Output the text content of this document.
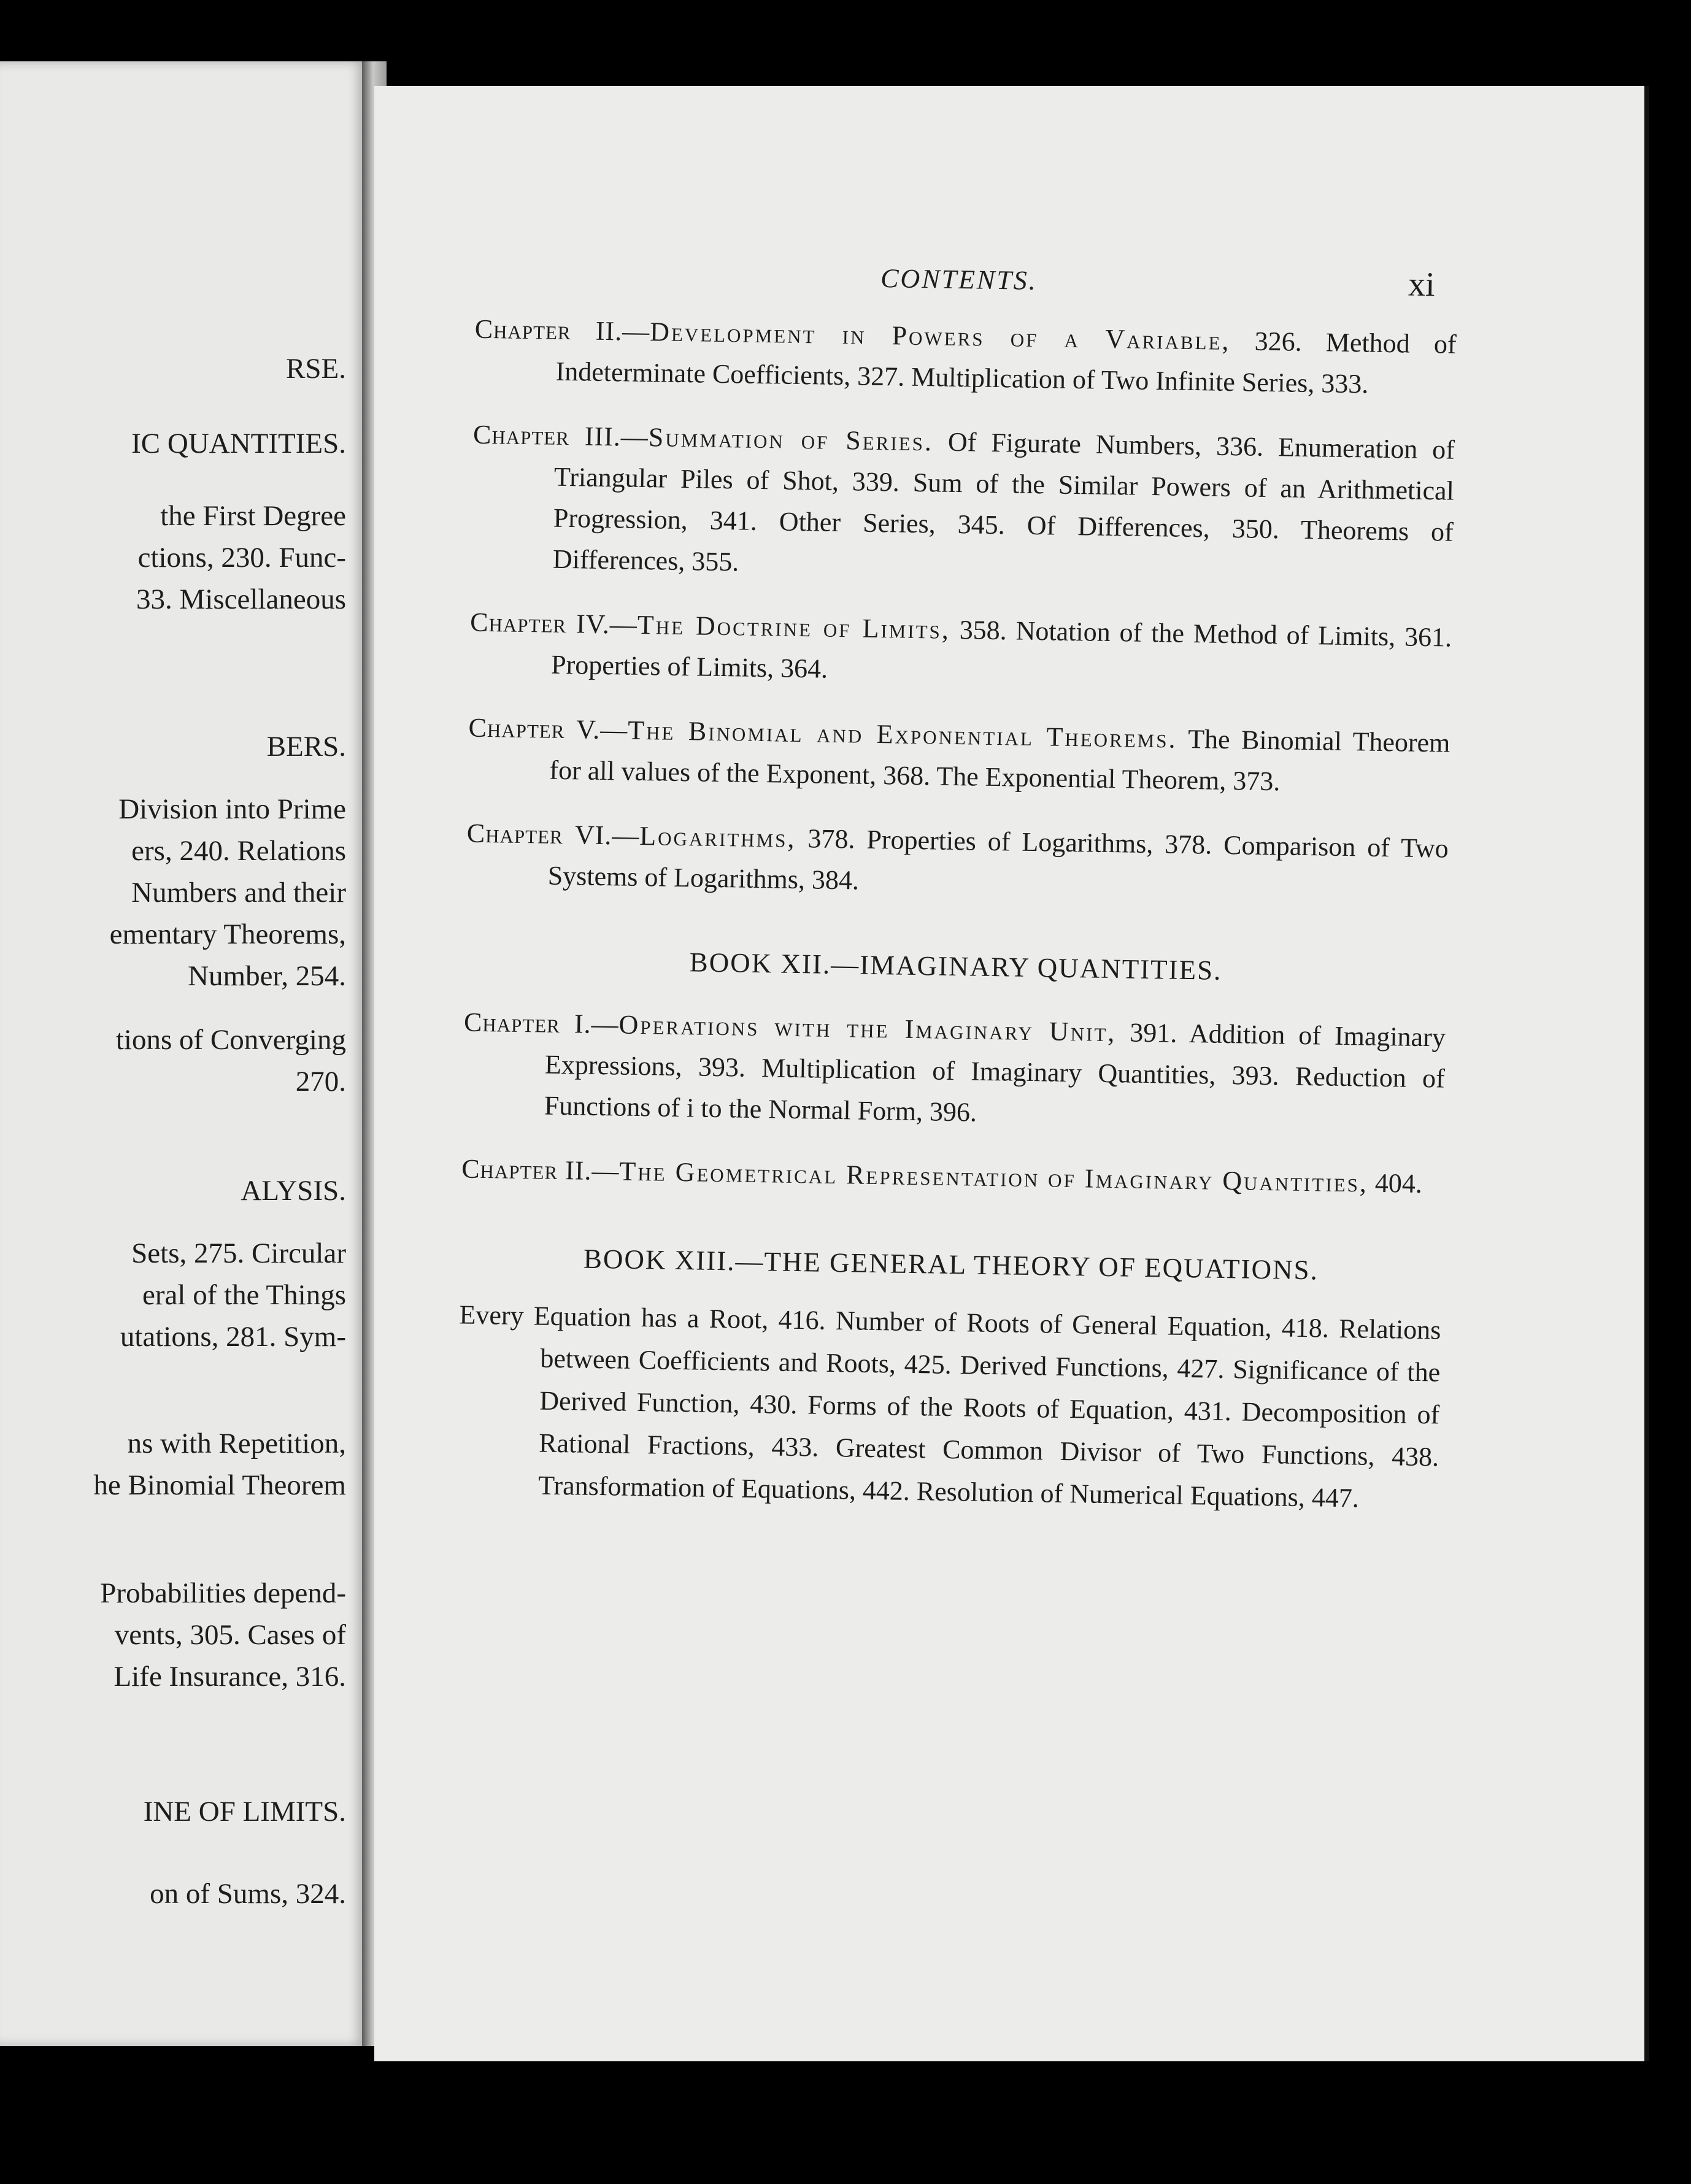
RSE.
IC QUANTITIES.
the First Degree
ctions, 230. Func-
33. Miscellaneous
BERS.
Division into Prime
ers, 240. Relations
Numbers and their
ementary Theorems,
Number, 254.
tions of Converging
270.
ALYSIS.
Sets, 275. Circular
eral of the Things
utations, 281. Sym-
ns with Repetition,
he Binomial Theorem
Probabilities depend-
vents, 305. Cases of
Life Insurance, 316.
INE OF LIMITS.
on of Sums, 324.
CONTENTS.	xi
Chapter II.—Development in Powers of a Variable, 326. Method of Indeterminate Coefficients, 327. Multiplication of Two Infinite Series, 333.
Chapter III.—Summation of Series. Of Figurate Numbers, 336. Enumeration of Triangular Piles of Shot, 339. Sum of the Similar Powers of an Arithmetical Progression, 341. Other Series, 345. Of Differences, 350. Theorems of Differences, 355.
Chapter IV.—The Doctrine of Limits, 358. Notation of the Method of Limits, 361. Properties of Limits, 364.
Chapter V.—The Binomial and Exponential Theorems. The Binomial Theorem for all values of the Exponent, 368. The Exponential Theorem, 373.
Chapter VI.—Logarithms, 378. Properties of Logarithms, 378. Comparison of Two Systems of Logarithms, 384.
BOOK XII.—IMAGINARY QUANTITIES.
Chapter I.—Operations with the Imaginary Unit, 391. Addition of Imaginary Expressions, 393. Multiplication of Imaginary Quantities, 393. Reduction of Functions of i to the Normal Form, 396.
Chapter II.—The Geometrical Representation of Imaginary Quantities, 404.
BOOK XIII.—THE GENERAL THEORY OF EQUATIONS.
Every Equation has a Root, 416. Number of Roots of General Equation, 418. Relations between Coefficients and Roots, 425. Derived Functions, 427. Significance of the Derived Function, 430. Forms of the Roots of Equation, 431. Decomposition of Rational Fractions, 433. Greatest Common Divisor of Two Functions, 438. Transformation of Equations, 442. Resolution of Numerical Equations, 447.
